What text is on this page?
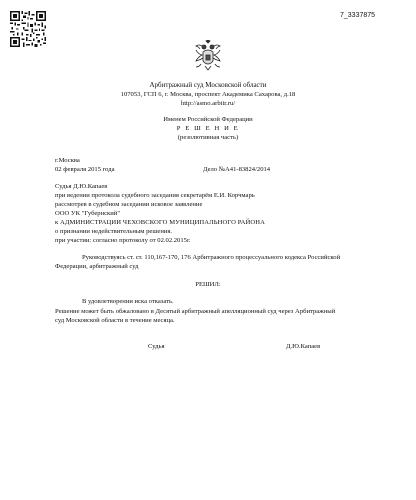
7_3337875
Арбитражный суд Московской области
107053, ГСП 6, г. Москва, проспект Академика Сахарова, д.18
http://asmo.arbitr.ru/
Именем Российской Федерации
Р Е Ш Е Н И Е
(резолютивная часть)
г.Москва
02 февраля 2015 года	Дело №А41-83824/2014
Судья Д.Ю.Капаев
при ведении протокола судебного заседания секретарём Е.И. Корчмарь
рассмотрев в судебном заседании исковое заявление
ООО УК "Губернский"
к АДМИНИСТРАЦИИ ЧЕХОВСКОГО МУНИЦИПАЛЬНОГО РАЙОНА
о признании недействительным решения.
при участии: согласно протоколу от 02.02.2015г.
Руководствуясь ст. ст. 110,167-170, 176 Арбитражного процессуального кодекса Российской
Федерации, арбитражный суд
РЕШИЛ:
В удовлетворении иска отказать.
Решение может быть обжаловано в Десятый арбитражный апелляционный суд через Арбитражный
суд Московской области в течение месяца.
Судья	Д.Ю.Капаев
